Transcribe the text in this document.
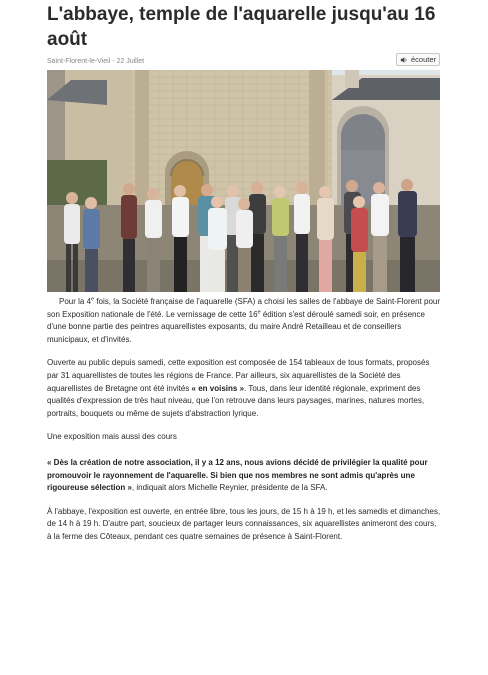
L'abbaye, temple de l'aquarelle jusqu'au 16 août
Saint-Florent-le-Vieil - 22 Juillet	écouter

Pour la 4e fois, la Société française de l'aquarelle (SFA) a choisi les salles de l'abbaye de Saint-Florent pour son Exposition nationale de l'été. Le vernissage de cette 16e édition s'est déroulé samedi soir, en présence d'une bonne partie des peintres aquarellistes exposants, du maire André Retailleau et de conseillers municipaux, et d'invités.

Ouverte au public depuis samedi, cette exposition est composée de 154 tableaux de tous formats, proposés par 31 aquarellistes de toutes les régions de France. Par ailleurs, six aquarellistes de la Société des aquarellistes de Bretagne ont été invités « en voisins ». Tous, dans leur identité régionale, expriment des qualités d'expression de très haut niveau, que l'on retrouve dans leurs paysages, marines, natures mortes, portraits, bouquets ou même de sujets d'abstraction lyrique.

Une exposition mais aussi des cours

« Dès la création de notre association, il y a 12 ans, nous avions décidé de privilégier la qualité pour promouvoir le rayonnement de l'aquarelle. Si bien que nos membres ne sont admis qu'après une rigoureuse sélection », indiquait alors Michelle Reynier, présidente de la SFA.

À l'abbaye, l'exposition est ouverte, en entrée libre, tous les jours, de 15 h à 19 h, et les samedis et dimanches, de 14 h à 19 h. D'autre part, soucieux de partager leurs connaissances, six aquarellistes animeront des cours, à la ferme des Côteaux, pendant ces quatre semaines de présence à Saint-Florent.
